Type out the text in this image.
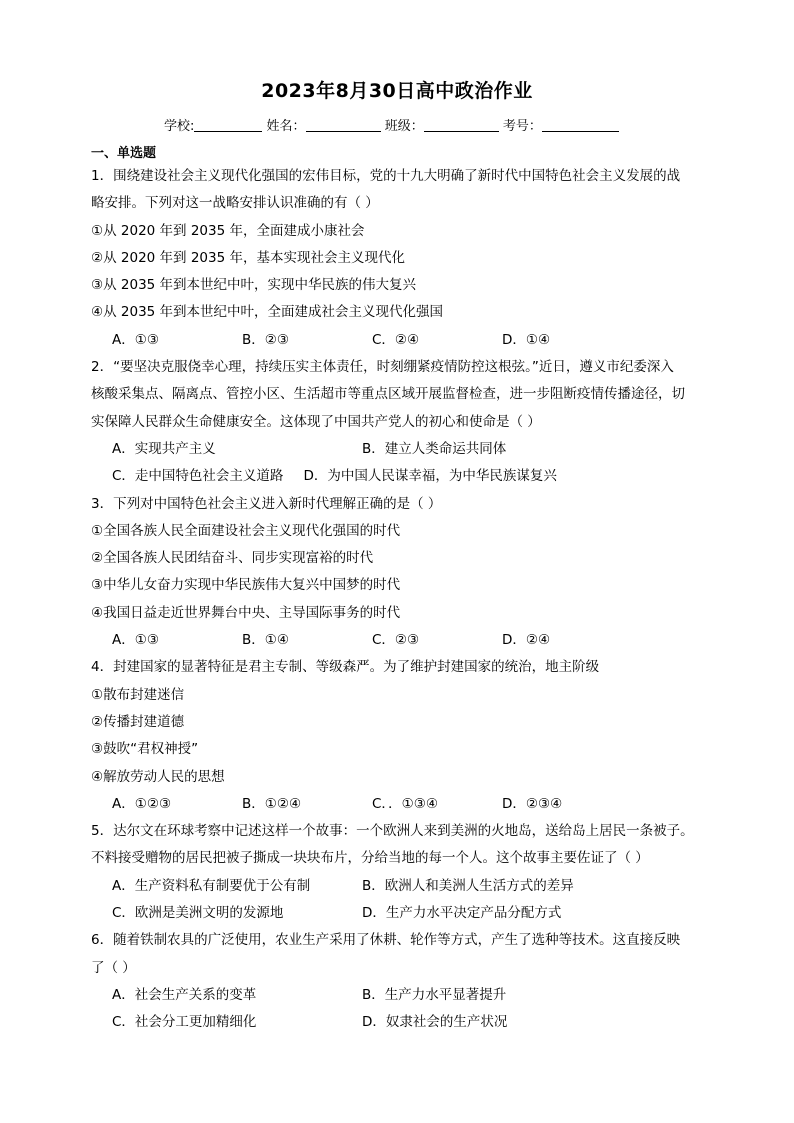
2023年8月30日高中政治作业
学校:	姓名：	班级：	考号：
一、单选题
1．围绕建设社会主义现代化强国的宏伟目标，党的十九大明确了新时代中国特色社会主义发展的战
略安排。下列对这一战略安排认识准确的有（ ）
①从 2020 年到 2035 年，全面建成小康社会
②从 2020 年到 2035 年，基本实现社会主义现代化
③从 2035 年到本世纪中叶，实现中华民族的伟大复兴
④从 2035 年到本世纪中叶，全面建成社会主义现代化强国
A．①③	B．②③	C．②④	D．①④
2．“要坚决克服侥幸心理，持续压实主体责任，时刻绷紧疫情防控这根弦。”近日，遵义市纪委深入
核酸采集点、隔离点、管控小区、生活超市等重点区域开展监督检查，进一步阻断疫情传播途径，切
实保障人民群众生命健康安全。这体现了中国共产党人的初心和使命是（ ）
A．实现共产主义	B．建立人类命运共同体
C．走中国特色社会主义道路 D．为中国人民谋幸福，为中华民族谋复兴
3．下列对中国特色社会主义进入新时代理解正确的是（ ）
①全国各族人民全面建设社会主义现代化强国的时代
②全国各族人民团结奋斗、同步实现富裕的时代
③中华儿女奋力实现中华民族伟大复兴中国梦的时代
④我国日益走近世界舞台中央、主导国际事务的时代
A．①③	B．①④	C．②③	D．②④
4．封建国家的显著特征是君主专制、等级森严。为了维护封建国家的统治，地主阶级
①散布封建迷信
②传播封建道德
③鼓吹“君权神授”
④解放劳动人民的思想
A．①②③	B．①②④	C．．①③④	D．②③④
5．达尔文在环球考察中记述这样一个故事：一个欧洲人来到美洲的火地岛，送给岛上居民一条被子。
不料接受赠物的居民把被子撕成一块块布片，分给当地的每一个人。这个故事主要佐证了（ ）
A．生产资料私有制要优于公有制	B．欧洲人和美洲人生活方式的差异
C．欧洲是美洲文明的发源地	D．生产力水平决定产品分配方式
6．随着铁制农具的广泛使用，农业生产采用了休耕、轮作等方式，产生了选种等技术。这直接反映
了（ ）
A．社会生产关系的变革	B．生产力水平显著提升
C．社会分工更加精细化	D．奴隶社会的生产状况
